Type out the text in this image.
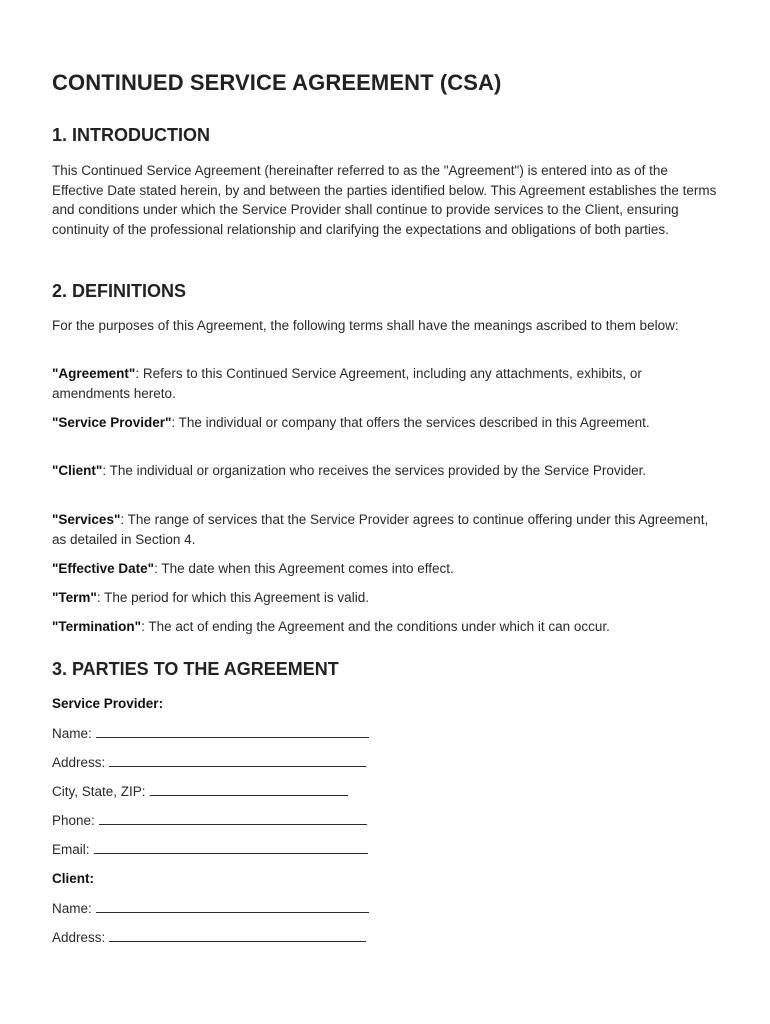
CONTINUED SERVICE AGREEMENT (CSA)
1. INTRODUCTION

This Continued Service Agreement (hereinafter referred to as the "Agreement") is entered into as of the Effective Date stated herein, by and between the parties identified below. This Agreement establishes the terms and conditions under which the Service Provider shall continue to provide services to the Client, ensuring continuity of the professional relationship and clarifying the expectations and obligations of both parties.

2. DEFINITIONS

For the purposes of this Agreement, the following terms shall have the meanings ascribed to them below:

"Agreement": Refers to this Continued Service Agreement, including any attachments, exhibits, or amendments hereto.

"Service Provider": The individual or company that offers the services described in this Agreement.

"Client": The individual or organization who receives the services provided by the Service Provider.

"Services": The range of services that the Service Provider agrees to continue offering under this Agreement, as detailed in Section 4.

"Effective Date": The date when this Agreement comes into effect.

"Term": The period for which this Agreement is valid.

"Termination": The act of ending the Agreement and the conditions under which it can occur.

3. PARTIES TO THE AGREEMENT

Service Provider:

Name:

Address:

City, State, ZIP:

Phone:

Email:

Client:

Name:

Address:
